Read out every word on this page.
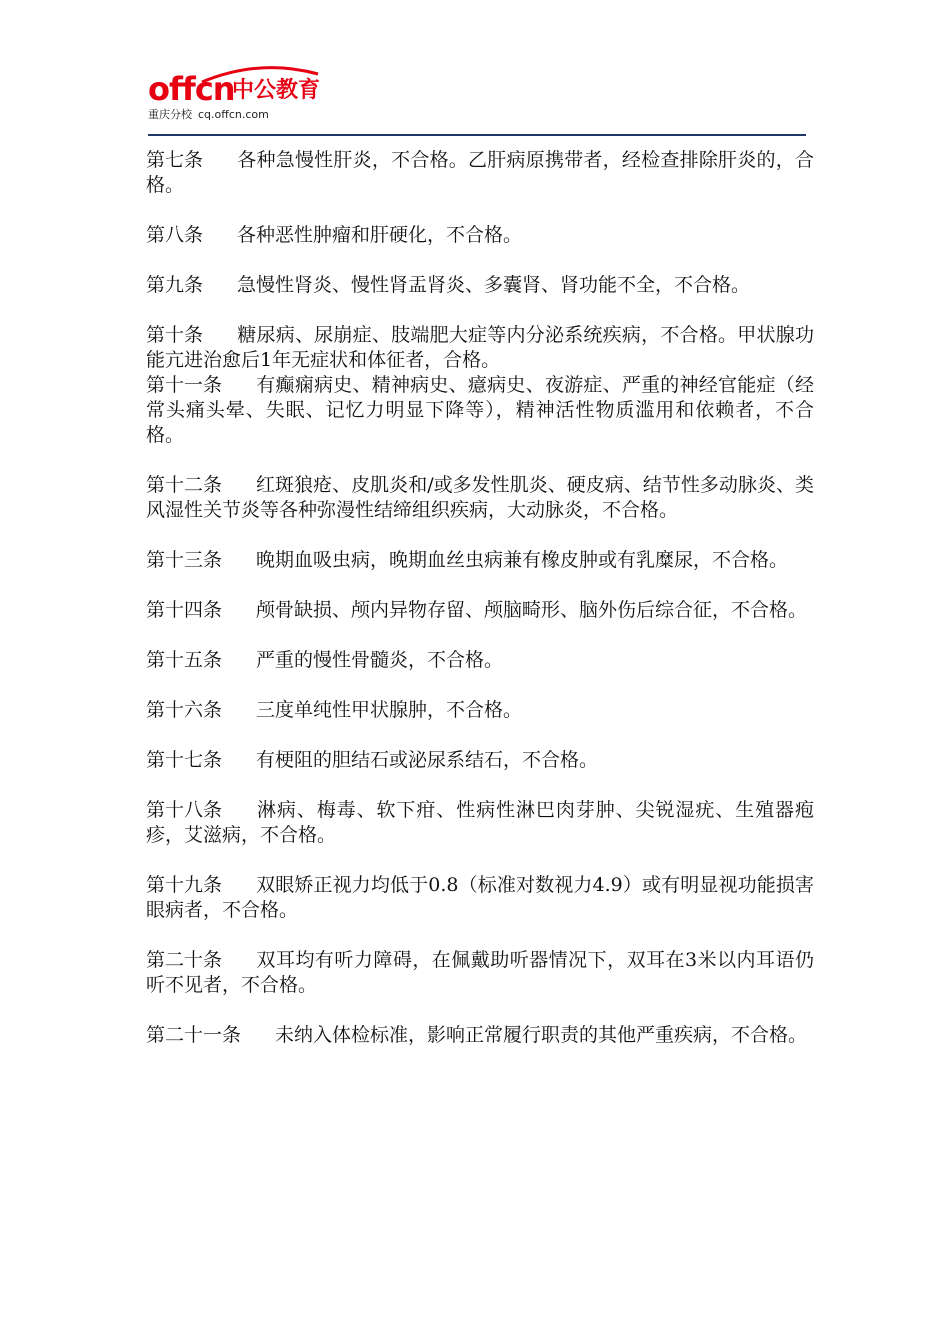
offcn
中公教育
重庆分校 cq.offcn.com

第七条 各种急慢性肝炎，不合格。乙肝病原携带者，经检查排除肝炎的，合格。

第八条 各种恶性肿瘤和肝硬化，不合格。

第九条 急慢性肾炎、慢性肾盂肾炎、多囊肾、肾功能不全，不合格。

第十条 糖尿病、尿崩症、肢端肥大症等内分泌系统疾病，不合格。甲状腺功能亢进治愈后1年无症状和体征者，合格。

第十一条 有癫痫病史、精神病史、癔病史、夜游症、严重的神经官能症（经常头痛头晕、失眠、记忆力明显下降等），精神活性物质滥用和依赖者，不合格。

第十二条 红斑狼疮、皮肌炎和/或多发性肌炎、硬皮病、结节性多动脉炎、类风湿性关节炎等各种弥漫性结缔组织疾病，大动脉炎，不合格。

第十三条 晚期血吸虫病，晚期血丝虫病兼有橡皮肿或有乳糜尿，不合格。

第十四条 颅骨缺损、颅内异物存留、颅脑畸形、脑外伤后综合征，不合格。

第十五条 严重的慢性骨髓炎，不合格。

第十六条 三度单纯性甲状腺肿，不合格。

第十七条 有梗阻的胆结石或泌尿系结石，不合格。

第十八条 淋病、梅毒、软下疳、性病性淋巴肉芽肿、尖锐湿疣、生殖器疱疹，艾滋病，不合格。

第十九条 双眼矫正视力均低于0.8（标准对数视力4.9）或有明显视功能损害眼病者，不合格。

第二十条 双耳均有听力障碍，在佩戴助听器情况下，双耳在3米以内耳语仍听不见者，不合格。

第二十一条 未纳入体检标准，影响正常履行职责的其他严重疾病，不合格。
